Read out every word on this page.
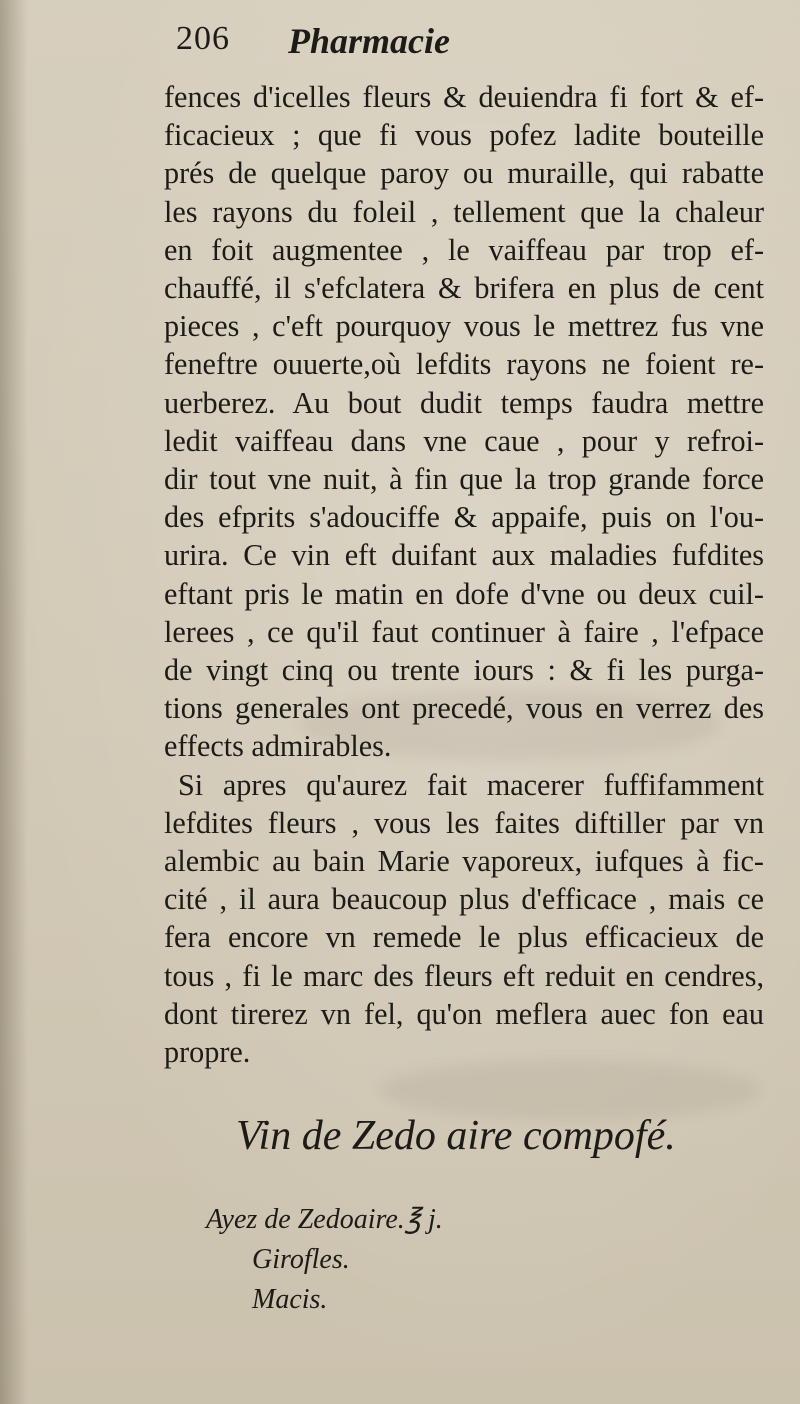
206 Pharmacie
fences d'icelles fleurs & deuiendra fi fort & ef-
ficacieux ; que fi vous pofez ladite bouteille
prés de quelque paroy ou muraille, qui rabatte
les rayons du foleil , tellement que la chaleur
en foit augmentee , le vaiffeau par trop ef-
chauffé, il s'efclatera & brifera en plus de cent
pieces , c'eft pourquoy vous le mettrez fus vne
feneftre ouuerte,où lefdits rayons ne foient re-
uerberez. Au bout dudit temps faudra mettre
ledit vaiffeau dans vne caue , pour y refroi-
dir tout vne nuit, à fin que la trop grande force
des efprits s'adouciffe & appaife, puis on l'ou-
urira. Ce vin eft duifant aux maladies fufdites
eftant pris le matin en dofe d'vne ou deux cuil-
lerees , ce qu'il faut continuer à faire , l'efpace
de vingt cinq ou trente iours : & fi les purga-
tions generales ont precedé, vous en verrez des
effects admirables.
Si apres qu'aurez fait macerer fuffifamment
lefdites fleurs , vous les faites diftiller par vn
alembic au bain Marie vaporeux, iufques à fic-
cité , il aura beaucoup plus d'efficace , mais ce
fera encore vn remede le plus efficacieux de
tous , fi le marc des fleurs eft reduit en cendres,
dont tirerez vn fel, qu'on meflera auec fon eau
propre.
Vin de Zedo aire compofé.
Ayez de Zedoaire.℥ j.
Girofles.
Macis.
